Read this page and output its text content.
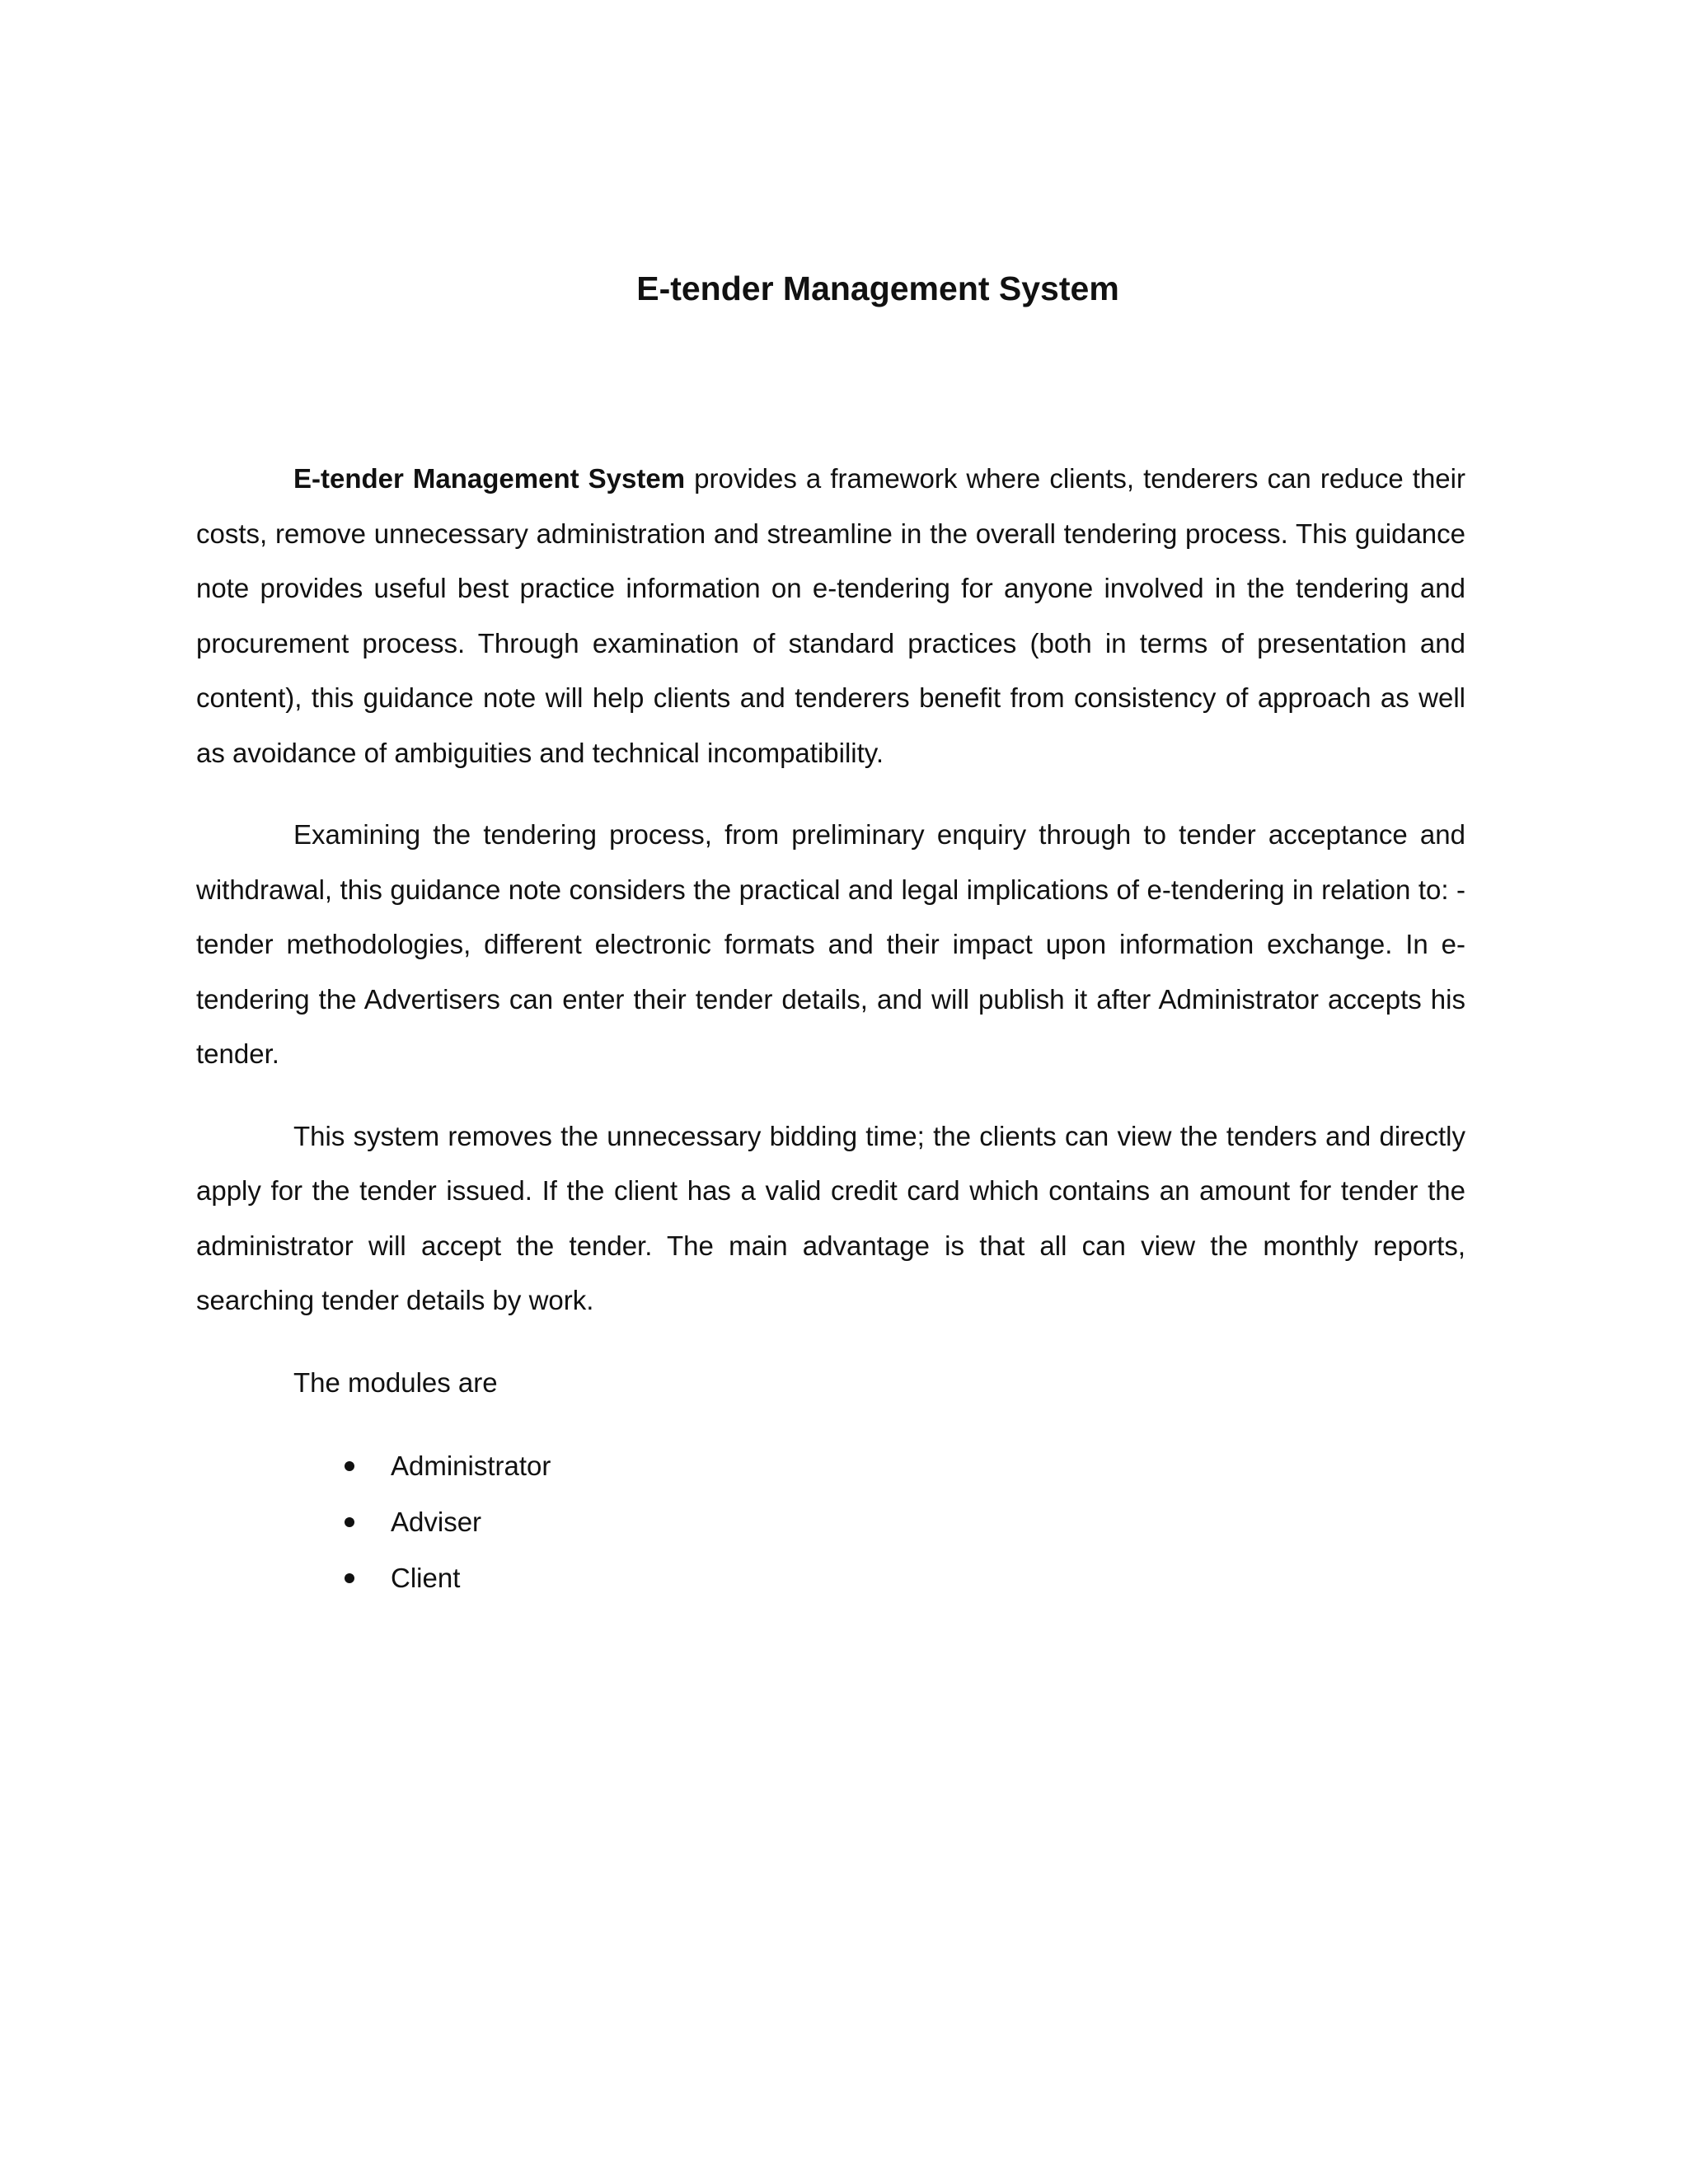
E-tender Management System

E-tender Management System provides a framework where clients, tenderers can reduce their costs, remove unnecessary administration and streamline in the overall tendering process. This guidance note provides useful best practice information on e-tendering for anyone involved in the tendering and procurement process. Through examination of standard practices (both in terms of presentation and content), this guidance note will help clients and tenderers benefit from consistency of approach as well as avoidance of ambiguities and technical incompatibility.

Examining the tendering process, from preliminary enquiry through to tender acceptance and withdrawal, this guidance note considers the practical and legal implications of e-tendering in relation to: - tender methodologies, different electronic formats and their impact upon information exchange. In e-tendering the Advertisers can enter their tender details, and will publish it after Administrator accepts his tender.

This system removes the unnecessary bidding time; the clients can view the tenders and directly apply for the tender issued. If the client has a valid credit card which contains an amount for tender the administrator will accept the tender. The main advantage is that all can view the monthly reports, searching tender details by work.

The modules are

Administrator
Adviser
Client
